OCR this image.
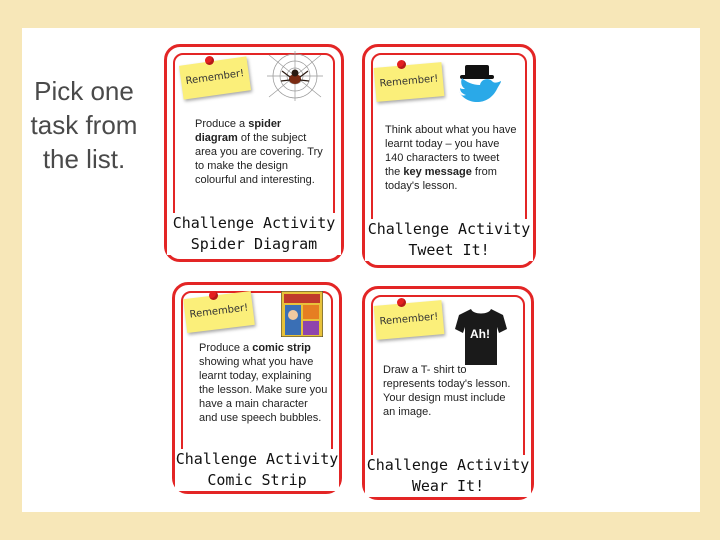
Pick one task from the list.
Remember!
Produce a spider diagram of the subject area you are covering. Try to make the design colourful and interesting.
Challenge Activity
Spider Diagram
Remember!
Think about what you have learnt today – you have 140 characters to tweet the key message from today's lesson.
Challenge Activity
Tweet It!
Remember!
Produce a comic strip showing what you have learnt today, explaining the lesson. Make sure you have a main character and use speech bubbles.
Challenge Activity
Comic Strip
Remember!
Ah!
Draw a T- shirt to represents today's lesson. Your design must include an image.
Challenge Activity
Wear It!
